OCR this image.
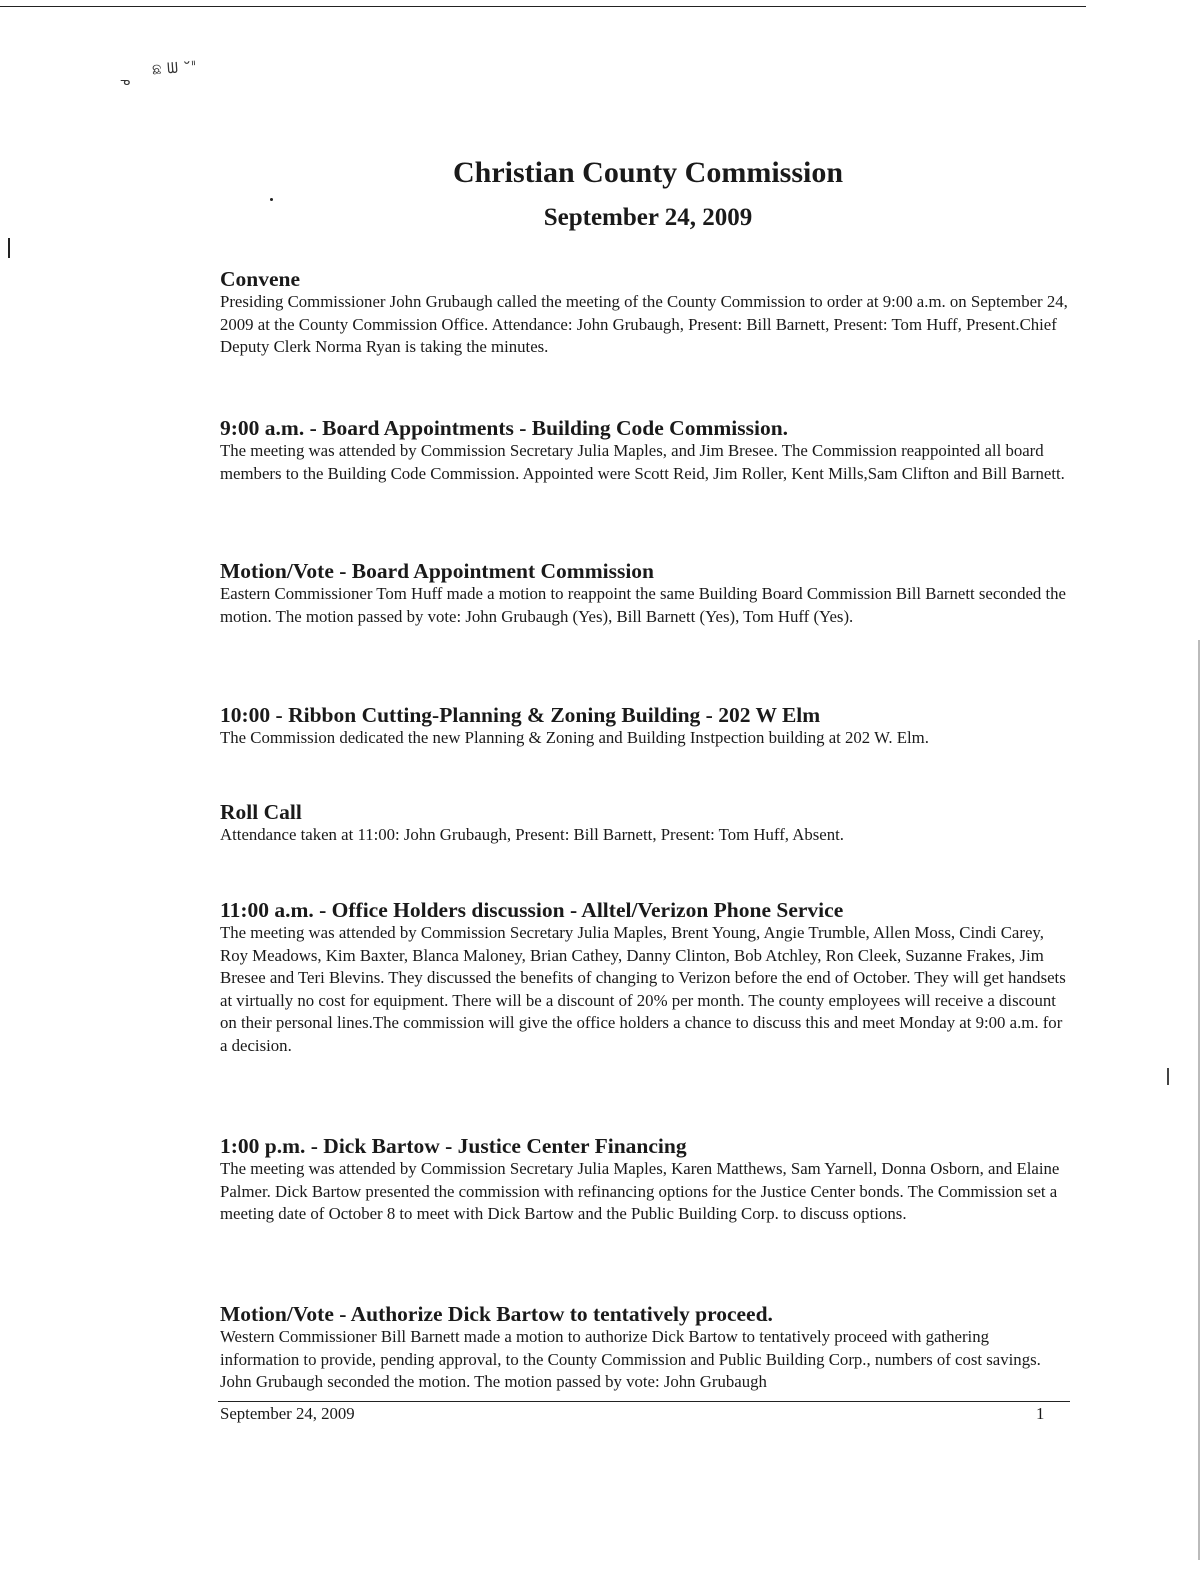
ଛ ᗯ ᐡᐦ
ᓀ
Christian County Commission
September 24, 2009
Convene

Presiding Commissioner John Grubaugh called the meeting of the County Commission to order at 9:00 a.m. on September 24, 2009 at the County Commission Office. Attendance: John Grubaugh, Present: Bill Barnett, Present: Tom Huff, Present.Chief Deputy Clerk Norma Ryan is taking the minutes.

9:00 a.m. - Board Appointments - Building Code Commission.

The meeting was attended by Commission Secretary Julia Maples, and Jim Bresee. The Commission reappointed all board members to the Building Code Commission. Appointed were Scott Reid, Jim Roller, Kent Mills,Sam Clifton and Bill Barnett.

Motion/Vote - Board Appointment Commission

Eastern Commissioner Tom Huff made a motion to reappoint the same Building Board Commission Bill Barnett seconded the motion. The motion passed by vote: John Grubaugh (Yes), Bill Barnett (Yes), Tom Huff (Yes).

10:00 - Ribbon Cutting-Planning & Zoning Building - 202 W Elm

The Commission dedicated the new Planning & Zoning and Building Instpection building at 202 W. Elm.

Roll Call

Attendance taken at 11:00: John Grubaugh, Present: Bill Barnett, Present: Tom Huff, Absent.

11:00 a.m. - Office Holders discussion - Alltel/Verizon Phone Service

The meeting was attended by Commission Secretary Julia Maples, Brent Young, Angie Trumble, Allen Moss, Cindi Carey, Roy Meadows, Kim Baxter, Blanca Maloney, Brian Cathey, Danny Clinton, Bob Atchley, Ron Cleek, Suzanne Frakes, Jim Bresee and Teri Blevins. They discussed the benefits of changing to Verizon before the end of October. They will get handsets at virtually no cost for equipment. There will be a discount of 20% per month. The county employees will receive a discount on their personal lines.The commission will give the office holders a chance to discuss this and meet Monday at 9:00 a.m. for a decision.

1:00 p.m. - Dick Bartow - Justice Center Financing

The meeting was attended by Commission Secretary Julia Maples, Karen Matthews, Sam Yarnell, Donna Osborn, and Elaine Palmer. Dick Bartow presented the commission with refinancing options for the Justice Center bonds. The Commission set a meeting date of October 8 to meet with Dick Bartow and the Public Building Corp. to discuss options.

Motion/Vote - Authorize Dick Bartow to tentatively proceed.

Western Commissioner Bill Barnett made a motion to authorize Dick Bartow to tentatively proceed with gathering information to provide, pending approval, to the County Commission and Public Building Corp., numbers of cost savings. John Grubaugh seconded the motion. The motion passed by vote: John Grubaugh

September 24, 2009	1
